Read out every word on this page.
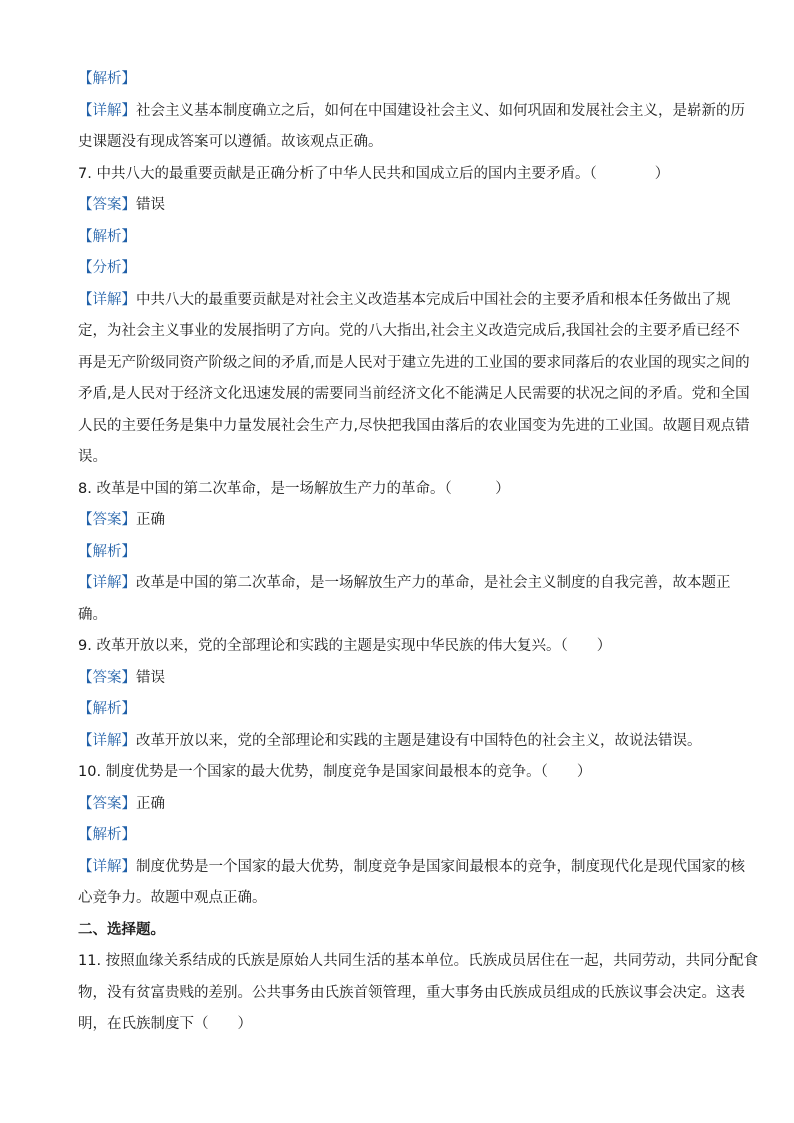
【解析】

【详解】社会主义基本制度确立之后，如何在中国建设社会主义、如何巩固和发展社会主义，是崭新的历

史课题没有现成答案可以遵循。故该观点正确。

7. 中共八大的最重要贡献是正确分析了中华人民共和国成立后的国内主要矛盾。（　　　　）

【答案】错误

【解析】

【分析】

【详解】中共八大的最重要贡献是对社会主义改造基本完成后中国社会的主要矛盾和根本任务做出了规

定，为社会主义事业的发展指明了方向。党的八大指出,社会主义改造完成后,我国社会的主要矛盾已经不

再是无产阶级同资产阶级之间的矛盾,而是人民对于建立先进的工业国的要求同落后的农业国的现实之间的

矛盾,是人民对于经济文化迅速发展的需要同当前经济文化不能满足人民需要的状况之间的矛盾。党和全国

人民的主要任务是集中力量发展社会生产力,尽快把我国由落后的农业国变为先进的工业国。故题目观点错

误。

8. 改革是中国的第二次革命，是一场解放生产力的革命。（　　　）

【答案】正确

【解析】

【详解】改革是中国的第二次革命，是一场解放生产力的革命，是社会主义制度的自我完善，故本题正

确。

9. 改革开放以来，党的全部理论和实践的主题是实现中华民族的伟大复兴。（　　）

【答案】错误

【解析】

【详解】改革开放以来，党的全部理论和实践的主题是建设有中国特色的社会主义，故说法错误。

10. 制度优势是一个国家的最大优势，制度竞争是国家间最根本的竞争。（　　）

【答案】正确

【解析】

【详解】制度优势是一个国家的最大优势，制度竞争是国家间最根本的竞争，制度现代化是现代国家的核

心竞争力。故题中观点正确。

二、选择题。

11. 按照血缘关系结成的氏族是原始人共同生活的基本单位。氏族成员居住在一起，共同劳动，共同分配食

物，没有贫富贵贱的差别。公共事务由氏族首领管理，重大事务由氏族成员组成的氏族议事会决定。这表

明，在氏族制度下（　　）
